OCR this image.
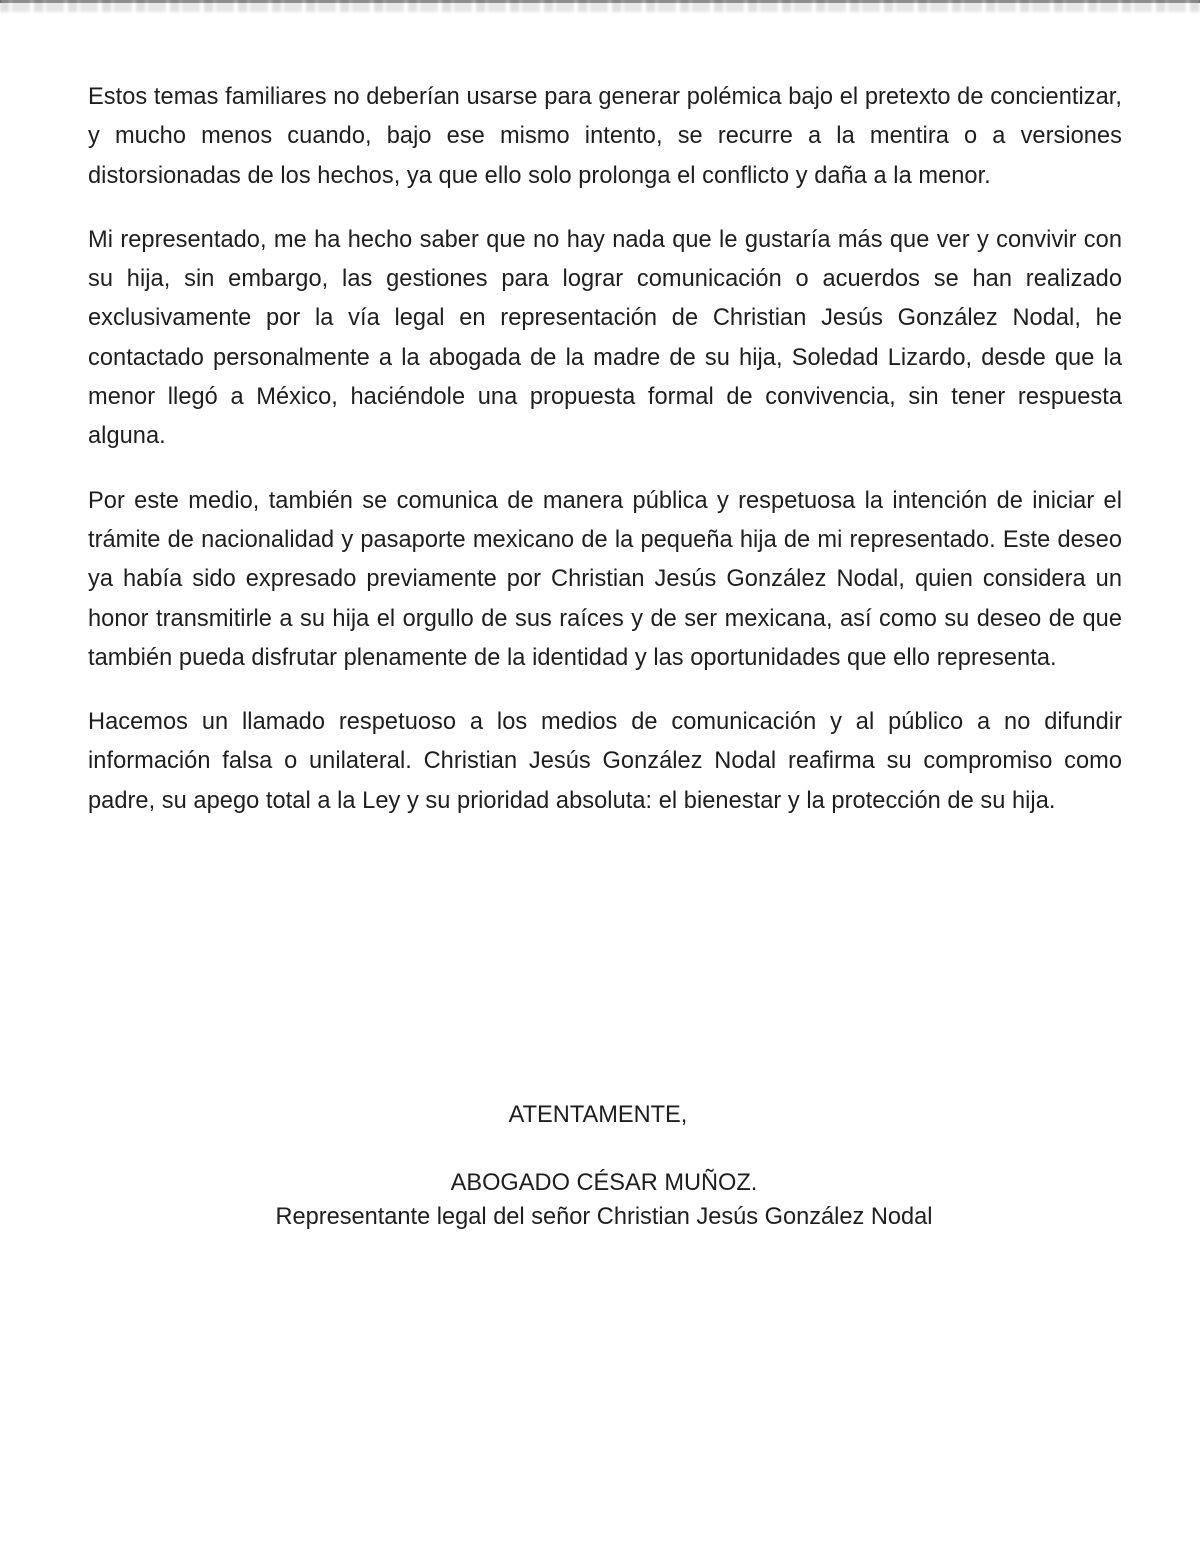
Estos temas familiares no deberían usarse para generar polémica bajo el pretexto de concientizar, y mucho menos cuando, bajo ese mismo intento, se recurre a la mentira o a versiones distorsionadas de los hechos, ya que ello solo prolonga el conflicto y daña a la menor.

Mi representado, me ha hecho saber que no hay nada que le gustaría más que ver y convivir con su hija, sin embargo, las gestiones para lograr comunicación o acuerdos se han realizado exclusivamente por la vía legal en representación de Christian Jesús González Nodal, he contactado personalmente a la abogada de la madre de su hija, Soledad Lizardo, desde que la menor llegó a México, haciéndole una propuesta formal de convivencia, sin tener respuesta alguna.

Por este medio, también se comunica de manera pública y respetuosa la intención de iniciar el trámite de nacionalidad y pasaporte mexicano de la pequeña hija de mi representado. Este deseo ya había sido expresado previamente por Christian Jesús González Nodal, quien considera un honor transmitirle a su hija el orgullo de sus raíces y de ser mexicana, así como su deseo de que también pueda disfrutar plenamente de la identidad y las oportunidades que ello representa.

Hacemos un llamado respetuoso a los medios de comunicación y al público a no difundir información falsa o unilateral. Christian Jesús González Nodal reafirma su compromiso como padre, su apego total a la Ley y su prioridad absoluta: el bienestar y la protección de su hija.

ATENTAMENTE,

ABOGADO CÉSAR MUÑOZ.

Representante legal del señor Christian Jesús González Nodal
